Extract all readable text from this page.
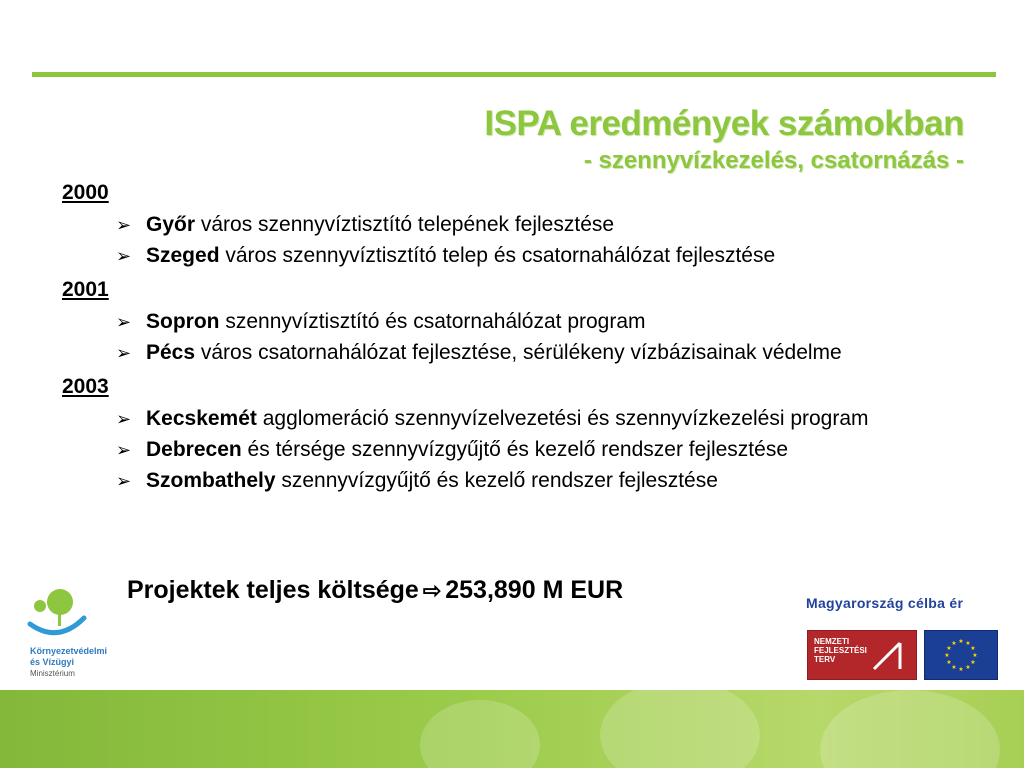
ISPA eredmények számokban
- szennyvízkezelés, csatornázás -
2000
➢ Győr város szennyvíztisztító telepének fejlesztése
➢ Szeged város szennyvíztisztító telep és csatornahálózat fejlesztése
2001
➢ Sopron szennyvíztisztító és csatornahálózat program
➢ Pécs város csatornahálózat fejlesztése, sérülékeny vízbázisainak védelme
2003
➢ Kecskemét agglomeráció szennyvízelvezetési és szennyvízkezelési program
➢ Debrecen és térsége szennyvízgyűjtő és kezelő rendszer fejlesztése
➢ Szombathely szennyvízgyűjtő és kezelő rendszer fejlesztése
Projektek teljes költsége ⇨ 253,890 M EUR
Környezetvédelmi
és Vízügyi
Minisztérium
Magyarország célba ér
NEMZETI
FEJLESZTÉSI
TERV
★ ★
★
★
★
★
★
★
★
★
★
★
